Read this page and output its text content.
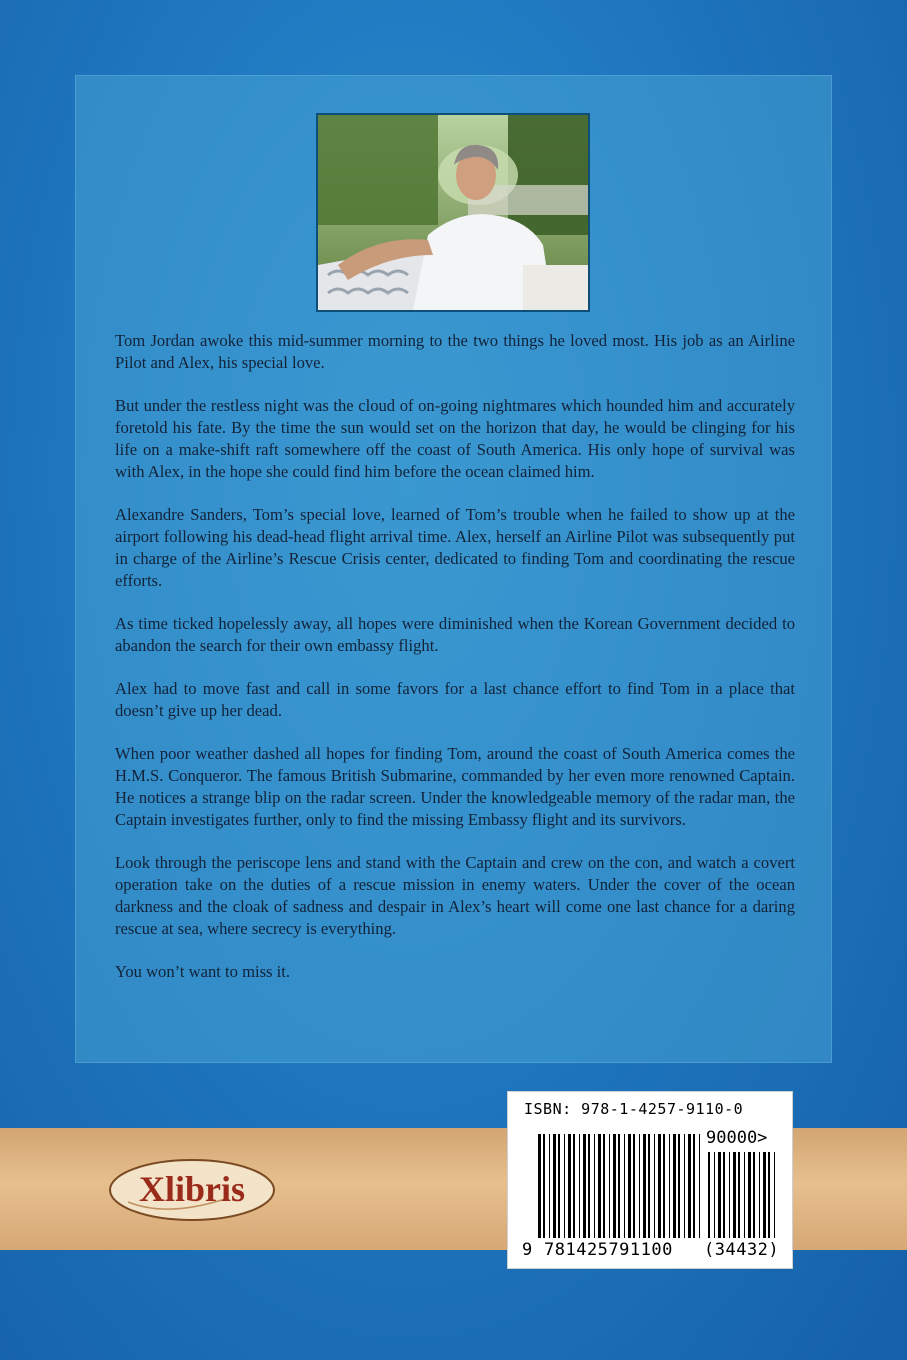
Tom Jordan awoke this mid-summer morning to the two things he loved most. His job as an Airline Pilot and Alex, his special love.

But under the restless night was the cloud of on-going nightmares which hounded him and accurately foretold his fate. By the time the sun would set on the horizon that day, he would be clinging for his life on a make-shift raft somewhere off the coast of South America. His only hope of survival was with Alex, in the hope she could find him before the ocean claimed him.

Alexandre Sanders, Tom’s special love, learned of Tom’s trouble when he failed to show up at the airport following his dead-head flight arrival time. Alex, herself an Airline Pilot was subsequently put in charge of the Airline’s Rescue Crisis center, dedicated to finding Tom and coordinating the rescue efforts.

As time ticked hopelessly away, all hopes were diminished when the Korean Government decided to abandon the search for their own embassy flight.

Alex had to move fast and call in some favors for a last chance effort to find Tom in a place that doesn’t give up her dead.

When poor weather dashed all hopes for finding Tom, around the coast of South America comes the H.M.S. Conqueror. The famous British Submarine, commanded by her even more renowned Captain. He notices a strange blip on the radar screen. Under the knowledgeable memory of the radar man, the Captain investigates further, only to find the missing Embassy flight and its survivors.

Look through the periscope lens and stand with the Captain and crew on the con, and watch a covert operation take on the duties of a rescue mission in enemy waters. Under the cover of the ocean darkness and the cloak of sadness and despair in Alex’s heart will come one last chance for a daring rescue at sea, where secrecy is everything.

You won’t want to miss it.

Xlibris
ISBN: 978-1-4257-9110-0
90000>
9 781425791100 (34432)
